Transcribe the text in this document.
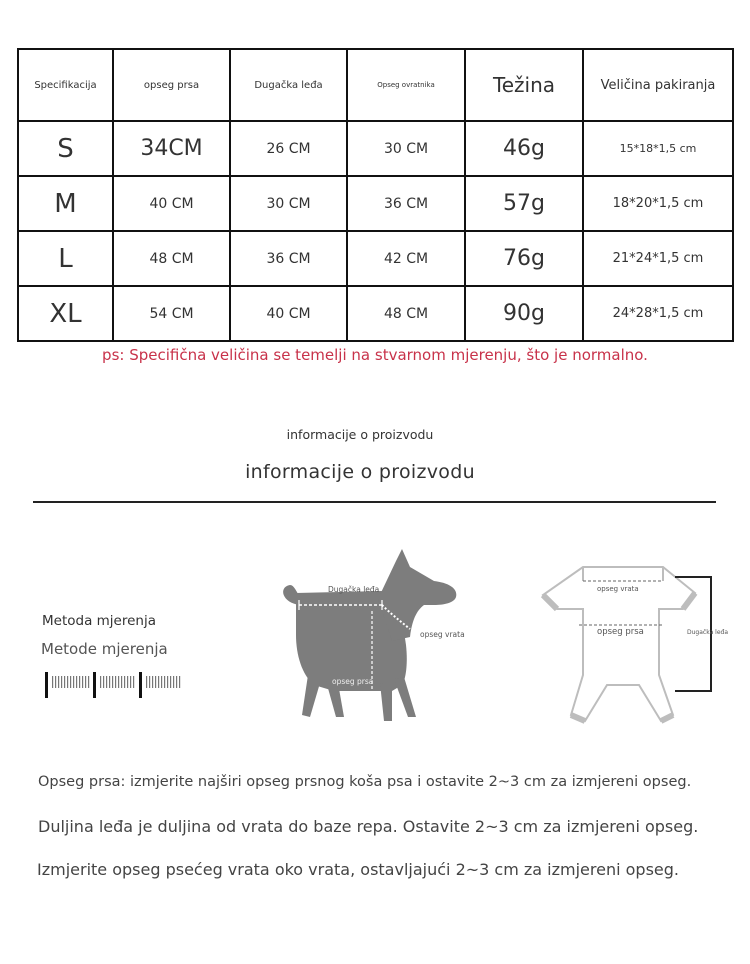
Specifikacija	opseg prsa	Dugačka leđa	Opseg ovratnika	Težina	Veličina pakiranja
S	34CM	26 CM	30 CM	46g	15*18*1,5 cm
M	40 CM	30 CM	36 CM	57g	18*20*1,5 cm
L	48 CM	36 CM	42 CM	76g	21*24*1,5 cm
XL	54 CM	40 CM	48 CM	90g	24*28*1,5 cm
ps: Specifična veličina se temelji na stvarnom mjerenju, što je normalno.
informacije o proizvodu
informacije o proizvodu
Metoda mjerenja
Metode mjerenja
Dugačka leđa
opseg vrata
opseg prsa
opseg vrata
opseg prsa	Dugačka leđa
Opseg prsa: izmjerite najširi opseg prsnog koša psa i ostavite 2~3 cm za izmjereni opseg.
Duljina leđa je duljina od vrata do baze repa. Ostavite 2~3 cm za izmjereni opseg.
Izmjerite opseg psećeg vrata oko vrata, ostavljajući 2~3 cm za izmjereni opseg.
